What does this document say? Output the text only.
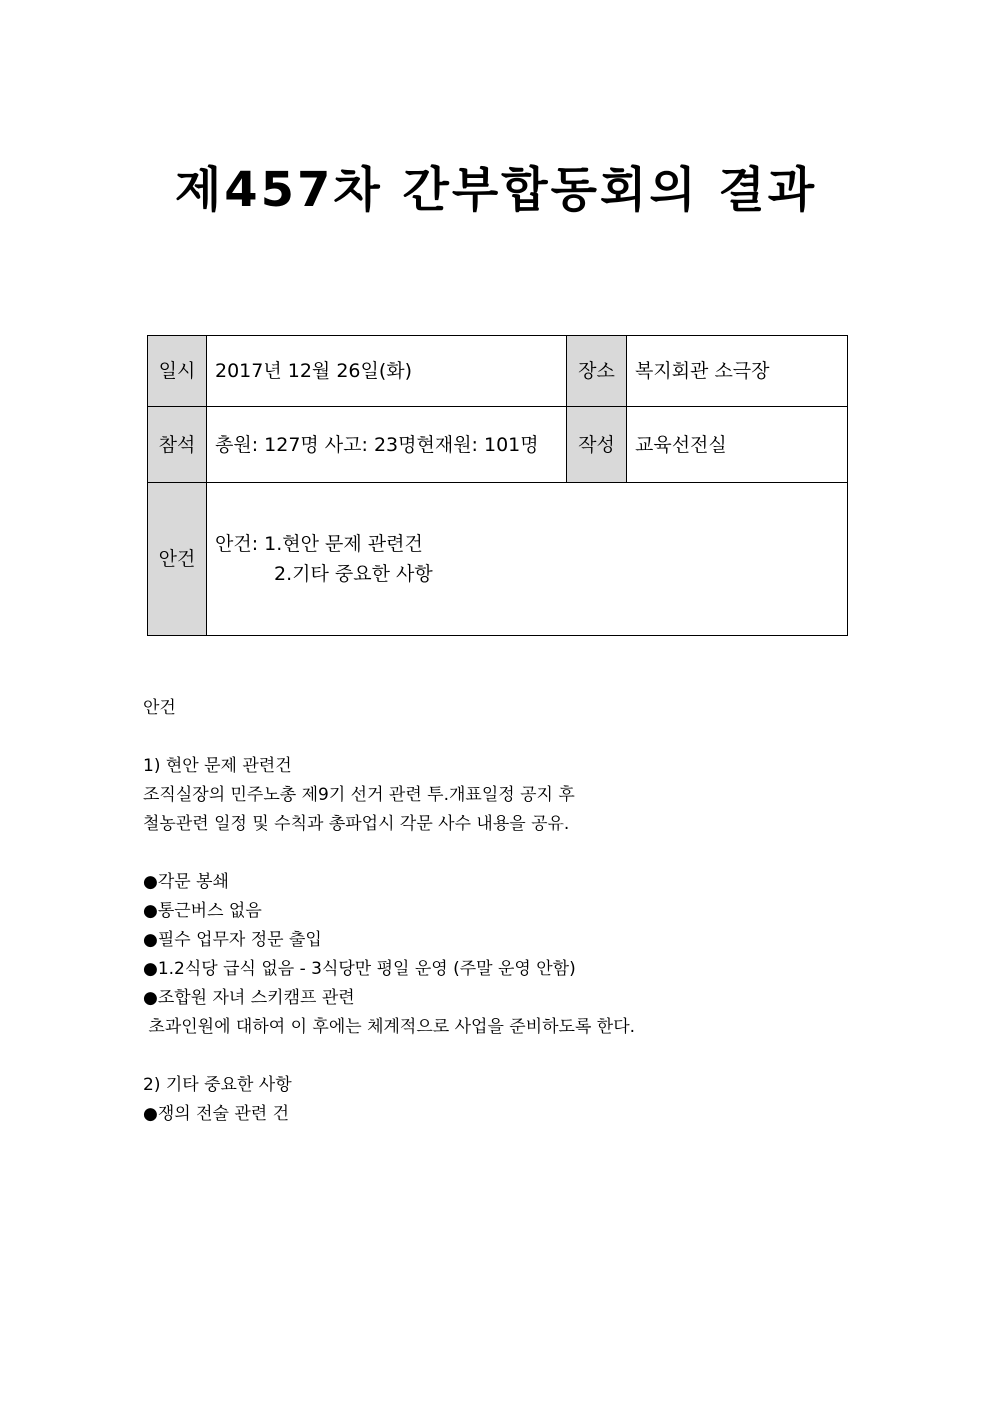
제457차 간부합동회의 결과
일시	2017년 12월 26일(화)	장소	복지회관 소극장
참석	총원: 127명 사고: 23명현재원: 101명	작성	교육선전실
안건	안건: 1.현안 문제 관련건
2.기타 중요한 사항		
안건
1) 현안 문제 관련건
조직실장의 민주노총 제9기 선거 관련 투.개표일정 공지 후
철농관련 일정 및 수칙과 총파업시 각문 사수 내용을 공유.
●각문 봉쇄
●통근버스 없음
●필수 업무자 정문 출입
●1.2식당 급식 없음 - 3식당만 평일 운영 (주말 운영 안함)
●조합원 자녀 스키캠프 관련
초과인원에 대하여 이 후에는 체계적으로 사업을 준비하도록 한다.
2) 기타 중요한 사항
●쟁의 전술 관련 건
